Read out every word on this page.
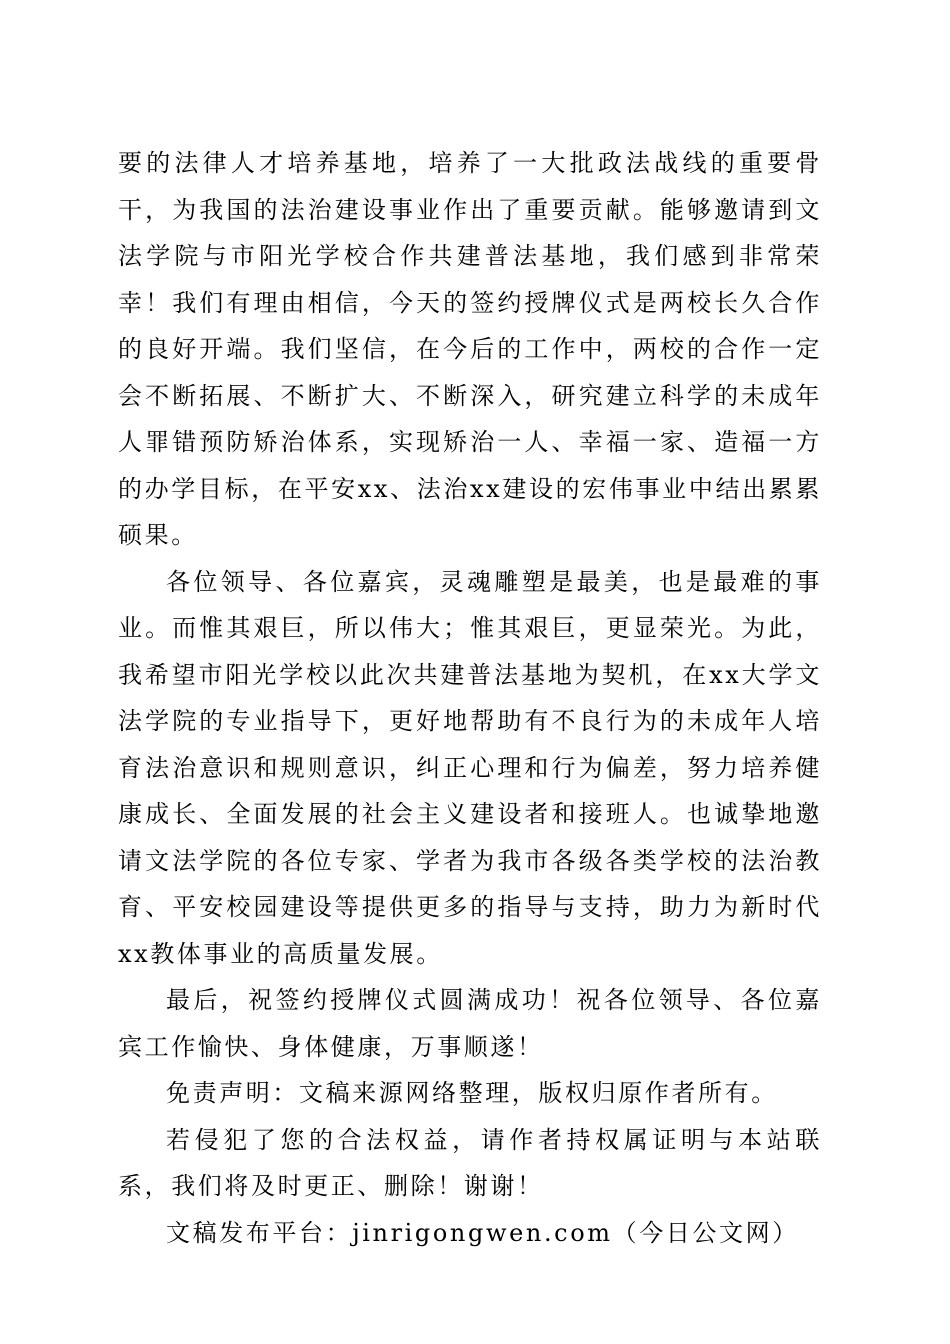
要的法律人才培养基地，培养了一大批政法战线的重要骨干，为我国的法治建设事业作出了重要贡献。能够邀请到文法学院与市阳光学校合作共建普法基地，我们感到非常荣幸！我们有理由相信，今天的签约授牌仪式是两校长久合作的良好开端。我们坚信，在今后的工作中，两校的合作一定会不断拓展、不断扩大、不断深入，研究建立科学的未成年人罪错预防矫治体系，实现矫治一人、幸福一家、造福一方的办学目标，在平安xx、法治xx建设的宏伟事业中结出累累硕果。

各位领导、各位嘉宾，灵魂雕塑是最美，也是最难的事业。而惟其艰巨，所以伟大；惟其艰巨，更显荣光。为此，我希望市阳光学校以此次共建普法基地为契机，在xx大学文法学院的专业指导下，更好地帮助有不良行为的未成年人培育法治意识和规则意识，纠正心理和行为偏差，努力培养健康成长、全面发展的社会主义建设者和接班人。也诚挚地邀请文法学院的各位专家、学者为我市各级各类学校的法治教育、平安校园建设等提供更多的指导与支持，助力为新时代xx教体事业的高质量发展。

最后，祝签约授牌仪式圆满成功！祝各位领导、各位嘉宾工作愉快、身体健康，万事顺遂！

免责声明：文稿来源网络整理，版权归原作者所有。

若侵犯了您的合法权益，请作者持权属证明与本站联系，我们将及时更正、删除！谢谢！

文稿发布平台：jinrigongwen.com（今日公文网）
